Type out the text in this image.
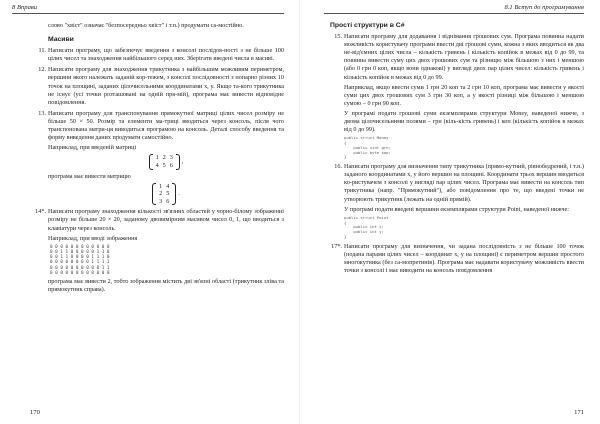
8 Вправи

слово "хвіст" означає "безпосередньо хвіст" і т.п.) продумати са-мостійно.

Масиви
11. Написати програму, що забезпечує введення з консолі послідов-ності з не більше 100 цілих чисел та знаходження найбільшого серед них. Зберігати введені числа в масиві.

12. Написати програму для знаходження трикутника з найбільшим можливим периметром, вершини якого належать заданій кор-тежем, з консолі послідовності з попарно різних 10 точок на площині, заданих цілочисельними координатами x, y. Якщо та-кого трикутника не існує (усі точки розташовані на одній пря-мій), програма має вивести відповідне повідомлення.

13. Написати програму для транспонування прямокутної матриці цілих чисел розміру не більше 50 × 50. Розмір та елементи ма-триці вводяться через консоль, після чого транспонована матри-ця виводиться програмою на консоль. Деталі способу введення та форму виведення даних продумати самостійно.

Наприклад, при введеній матриці

1	2	3
4	5	6
,

програма має вивести матрицю

1	4
2	5
3	6
.
14*. Написати програму знаходження кількості зв'язних областей у чорно-білому зображенні розміру не більше 20 × 20, заданому двовимірним масивом чисел 0, 1, що вводиться з клавіатури через консоль.

Наприклад, при вводі зображення

0 0 0 0 0 0 0 0 0 0 0 0
0 0 1 1 0 0 0 0 0 1 1 0
0 0 1 1 0 0 0 0 1 1 1 0
0 0 0 0 0 0 0 0 1 1 1 1
0 0 0 0 0 0 0 0 0 0 1 1
0 0 0 0 0 0 0 0 0 0 0 0

програма має вивести 2, тобто зображення містить дві зв'язні області (трикутник зліва та прямокутник справа).

170
8.1 Вступ до програмування
Прості структури в C#
15. Написати програму для додавання і віднімання грошових сум. Програма повинна надати можливість користувачу програми ввести дві грошові суми, кожна з яких вводиться як два не-від'ємних цілих числа – кількість гривень і кількість копійок в межах від 0 до 99, та повинна вивести суму цих двох грошових сум та різницю між більшою з них і меншою (або 0 грн 0 коп, якщо вони однакові) у вигляді двох пар цілих чисел: кількість гривень і кількість копійок в межах від 0 до 99.

Наприклад, якщо ввести суми 1 грн 20 коп та 2 грн 10 коп, програма має вивести у якості суми цих двох грошових сум 3 грн 30 коп, а у якості різниці між більшою і меншою сумою – 0 грн 90 коп.

У програмі подати грошові суми екземплярами структури Money, наведеної нижче, з двома цілочисельними полями – грн (кіль-кість гривень) і коп (кількість копійок в межах від 0 до 99).

public struct Money
{
public uint grn;
public byte kop;
}
16. Написати програму для визначення типу трикутника (прямо-кутний, рівнобедрений, і т.п.) заданого координатами x, y його вершин на площині. Координати трьох вершин вводяться ко-ристувачем з консолі у вигляді пар цілих чисел. Програма має вивести на консоль тип трикутника (напр. "Прямокутний"), або повідомлення про те, що введені точки не утворюють трикутник (лежать на одній прямій).

У програмі подати введені вершини екземплярами структури Point, наведеної нижче:

public struct Point
{
public int x;
public int y;
}
17*. Написати програму для визначення, чи задана послідовність з не більше 100 точок (подана парами цілих чисел – координат x, y на площині) є периметром вершин простого многокутника (без са-мопретинів). Програма має надавати користувачу можливість ввести точки з консолі і має виводити на консоль повідомлення

171
